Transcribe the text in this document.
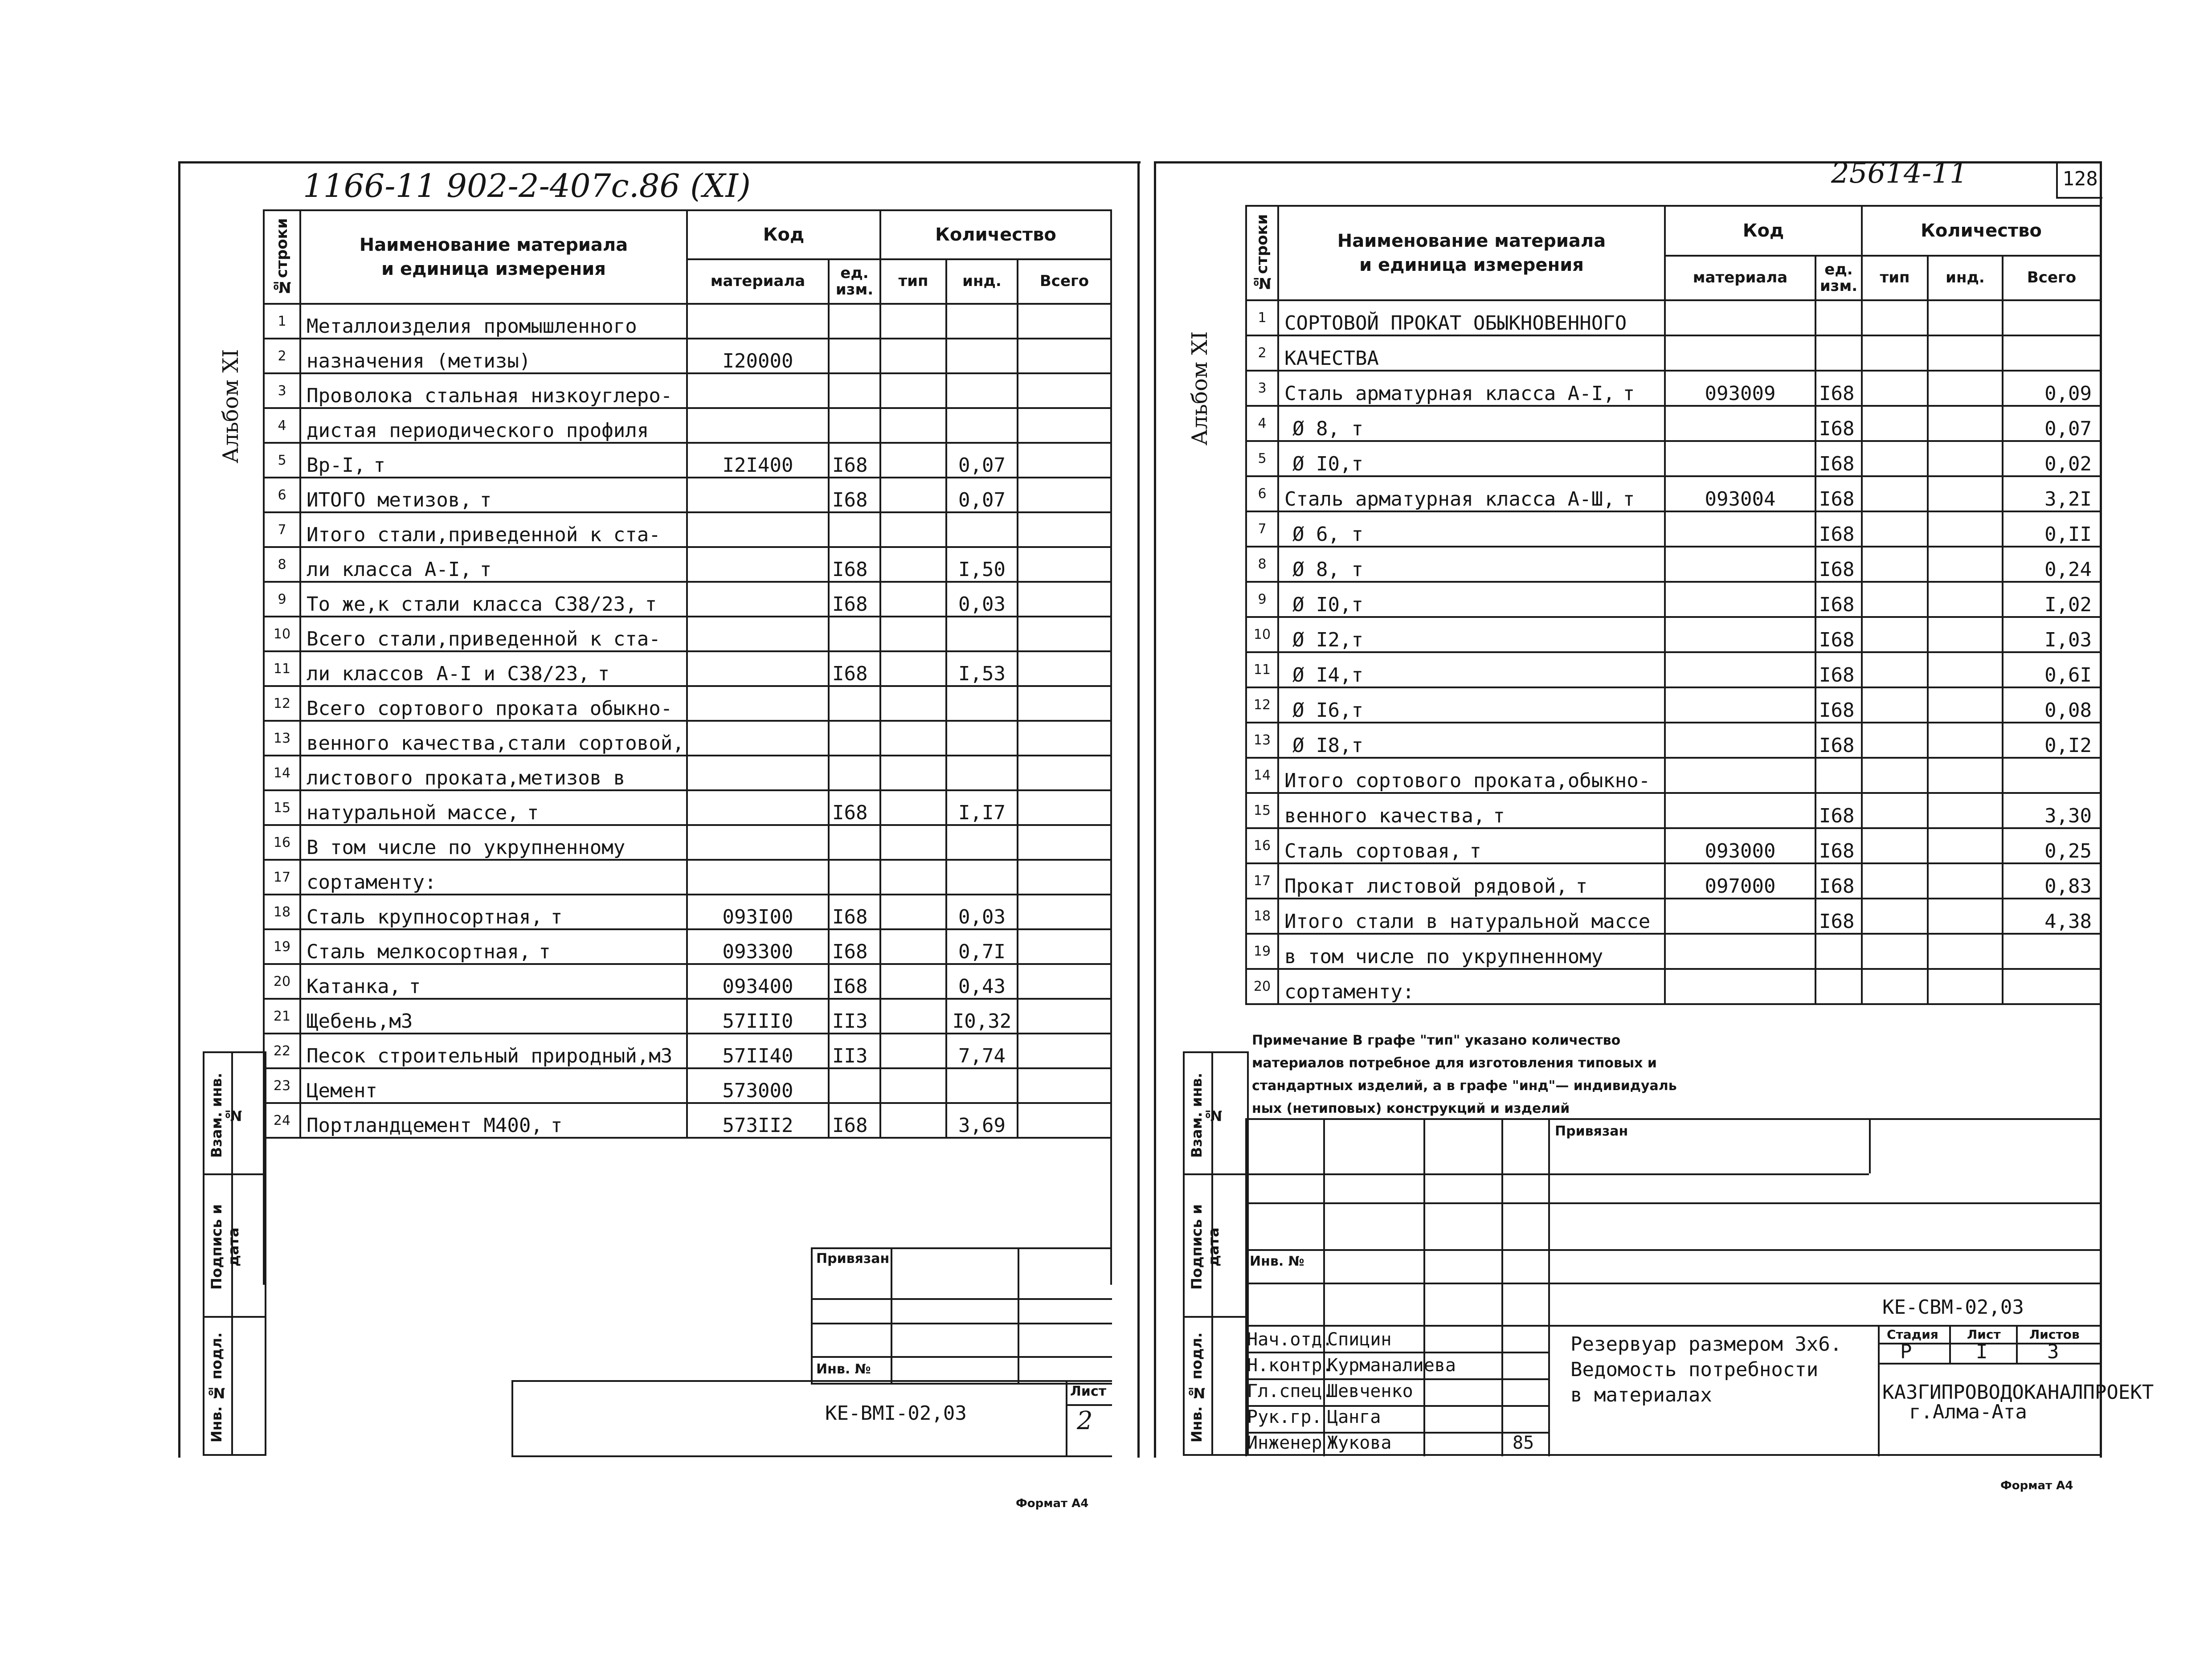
1166-11 902-2-407с.86 (XI)
Альбом XI
№строки	Наименование материала
и единица измерения	Код		Количество		
		материала	ед. изм.	тип	инд.	Всего
1	Металлоизделия промышленного					

2	назначения (метизы)	I20000				
3	Проволока стальная низкоуглеро-					

4	дистая периодического профиля					

5	Вр-I, т	I2I400	I68		0,07	
6	ИТОГО метизов, т		I68		0,07	
7	Итого стали,приведенной к ста-					

8	ли класса А-I, т		I68		I,50	
9	То же,к стали класса С38/23, т		I68		0,03	
10	Всего стали,приведенной к ста-					

11	ли классов А-I и С38/23, т		I68		I,53	
12	Всего сортового проката обыкно-					

13	венного качества,стали сортовой,					

14	листового проката,метизов в					

15	натуральной массе, т		I68		I,I7	
16	В том числе по укрупненному					

17	сортаменту:					

18	Сталь крупносортная, т	093I00	I68		0,03	
19	Сталь мелкосортная, т	093300	I68		0,7I	
20	Катанка, т	093400	I68		0,43	
21	Щебень,м3	57III0	II3		I0,32	
22	Песок строительный природный,м3	57II40	II3		7,74	
23	Цемент	573000				
24	Портландцемент М400, т	573II2	I68		3,69	

Взам. инв. №
Подпись и дата
Инв. № подл.
Привязан
Инв. №
КЕ-ВМI-02,03
Лист
2
Формат А4
25614-11	128
Альбом XI
№строки	Наименование материала
и единица измерения	Код		Количество		
		материала	ед. изм.	тип	инд.	Всего
1	СОРТОВОЙ ПРОКАТ ОБЫКНОВЕННОГО					

2	КАЧЕСТВА					

3	Сталь арматурная класса А-I, т	093009	I68			0,09
4	Ø 8, т		I68			0,07
5	Ø I0,т		I68			0,02
6	Сталь арматурная класса А-Ш, т	093004	I68			3,2I
7	Ø 6, т		I68			0,II
8	Ø 8, т		I68			0,24
9	Ø I0,т		I68			I,02
10	Ø I2,т		I68			I,03
11	Ø I4,т		I68			0,6I
12	Ø I6,т		I68			0,08
13	Ø I8,т		I68			0,I2
14	Итого сортового проката,обыкно-					

15	венного качества, т		I68			3,30
16	Сталь сортовая, т	093000	I68			0,25
17	Прокат листовой рядовой, т	097000	I68			0,83
18	Итого стали в натуральной массе		I68			4,38
19	в том числе по укрупненному					

20	сортаменту:					

Примечание В графе "тип" указано количество
материалов потребное для изготовления типовых и
стандартных изделий, а в графе "инд"— индивидуаль
ных (нетиповых) конструкций и изделий
Взам. инв. №
Подпись и дата
Инв. № подл.
Привязан
Инв. №
КЕ-СВМ-02,03
Нач.отд.
Спицин
Н.контр.
Курманалиева
Гл.спец.
Шевченко
Рук.гр. Цанга
Инженер Жукова	85
Резервуар размером 3х6.
Ведомость потребности
в материалах
Стадия Лист Листов
Р	I	3
КАЗГИПРОВОДОКАНАЛПРОЕКТ
г.Алма-Ата
Формат А4
